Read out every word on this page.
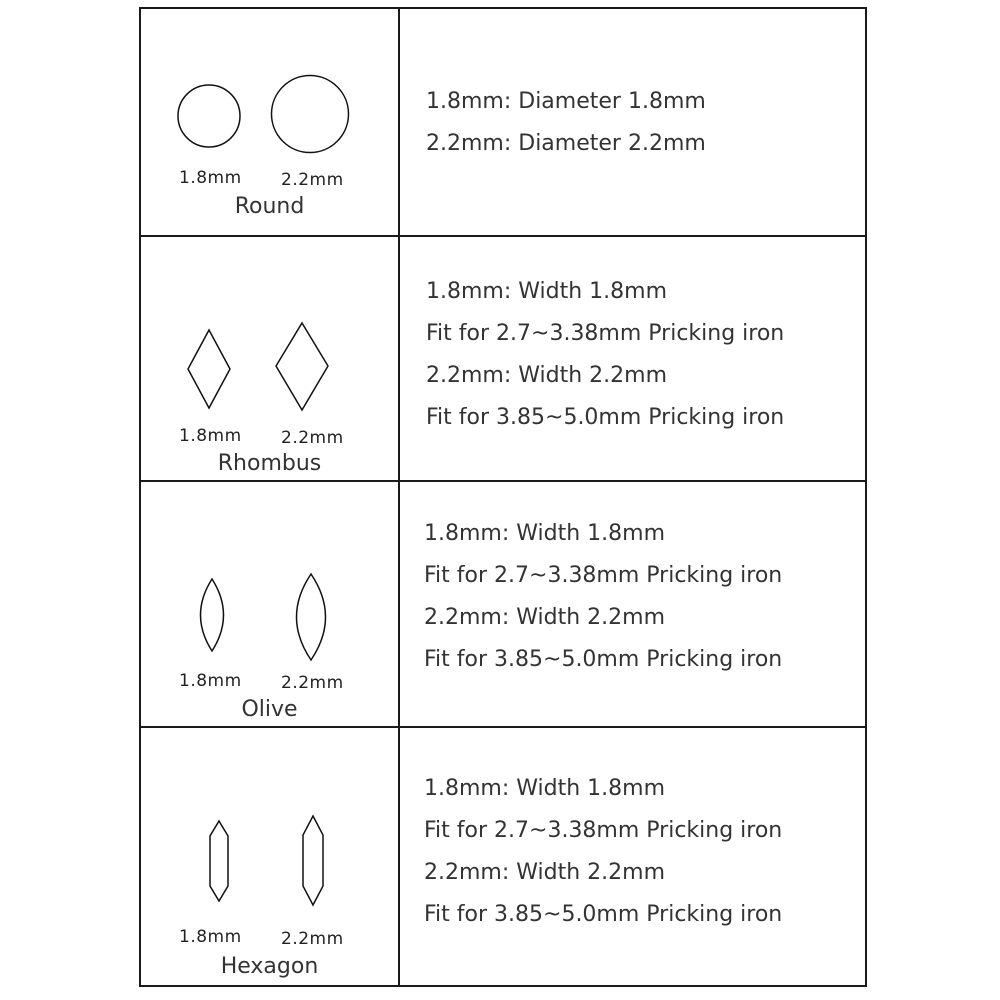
1.8mm 2.2mm
Round
1.8mm: Diameter 1.8mm
2.2mm: Diameter 2.2mm
1.8mm 2.2mm
Rhombus
1.8mm: Width 1.8mm
Fit for 2.7~3.38mm Pricking iron
2.2mm: Width 2.2mm
Fit for 3.85~5.0mm Pricking iron
1.8mm 2.2mm
Olive
1.8mm: Width 1.8mm
Fit for 2.7~3.38mm Pricking iron
2.2mm: Width 2.2mm
Fit for 3.85~5.0mm Pricking iron
1.8mm 2.2mm
Hexagon
1.8mm: Width 1.8mm
Fit for 2.7~3.38mm Pricking iron
2.2mm: Width 2.2mm
Fit for 3.85~5.0mm Pricking iron
